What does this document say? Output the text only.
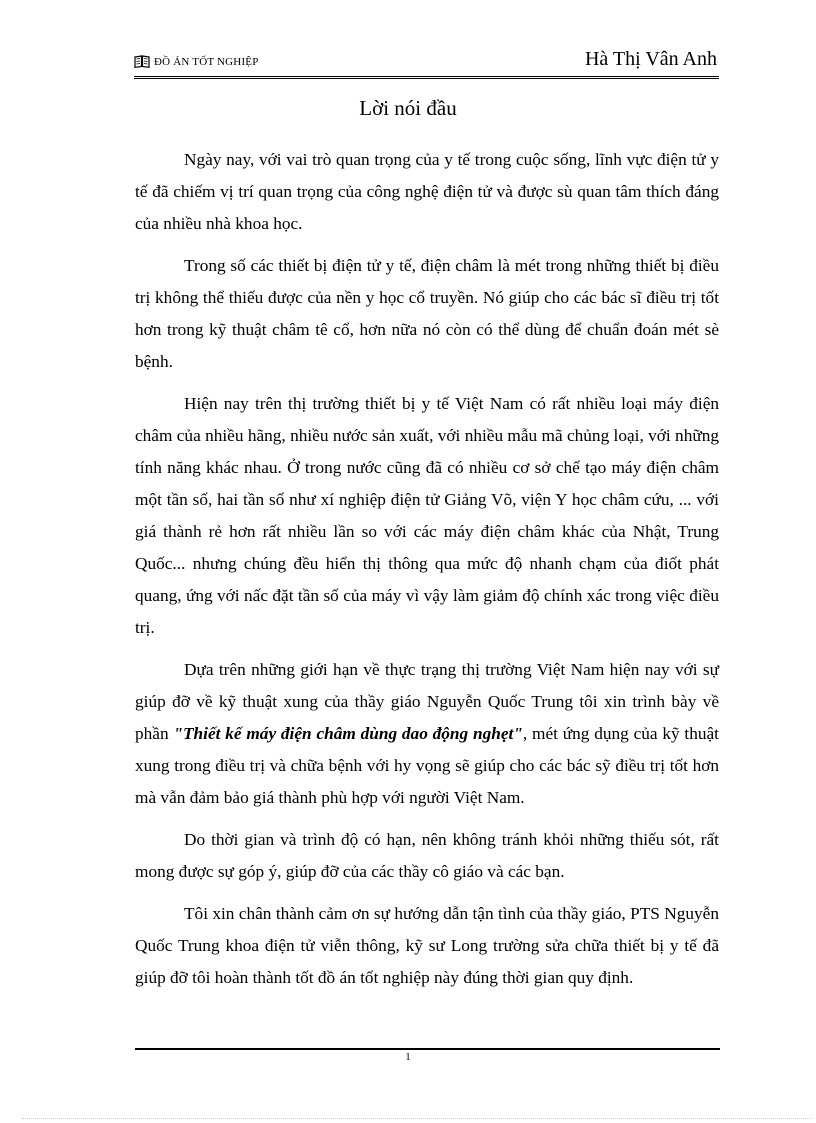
ĐỒ ÁN TỐT NGHIỆP	Hà Thị Vân Anh
Lời nói đầu

Ngày nay, với vai trò quan trọng của y tế trong cuộc sống, lĩnh vực điện tử y tế đã chiếm vị trí quan trọng của công nghệ điện tử và được sù quan tâm thích đáng của nhiều nhà khoa học.

Trong số các thiết bị điện tử y tế, điện châm là mét trong những thiết bị điều trị không thể thiếu được của nền y học cổ truyền. Nó giúp cho các bác sĩ điều trị tốt hơn trong kỹ thuật châm tê cổ, hơn nữa nó còn có thể dùng để chuẩn đoán mét sè bệnh.

Hiện nay trên thị trường thiết bị y tế Việt Nam có rất nhiều loại máy điện châm của nhiều hãng, nhiều nước sản xuất, với nhiều mẫu mã chủng loại, với những tính năng khác nhau. Ở trong nước cũng đã có nhiều cơ sở chế tạo máy điện châm một tần số, hai tần số như xí nghiệp điện tử Giảng Võ, viện Y học châm cứu, ... với giá thành rẻ hơn rất nhiều lần so với các máy điện châm khác của Nhật, Trung Quốc... nhưng chúng đều hiển thị thông qua mức độ nhanh chạm của điốt phát quang, ứng với nấc đặt tần số của máy vì vậy làm giảm độ chính xác trong việc điều trị.

Dựa trên những giới hạn về thực trạng thị trường Việt Nam hiện nay với sự giúp đỡ về kỹ thuật xung của thầy giáo Nguyễn Quốc Trung tôi xin trình bày về phần "Thiết kế máy điện châm dùng dao động nghẹt", mét ứng dụng của kỹ thuật xung trong điều trị và chữa bệnh với hy vọng sẽ giúp cho các bác sỹ điều trị tốt hơn mà vẫn đảm bảo giá thành phù hợp với người Việt Nam.

Do thời gian và trình độ có hạn, nên không tránh khỏi những thiếu sót, rất mong được sự góp ý, giúp đỡ của các thầy cô giáo và các bạn.

Tôi xin chân thành cảm ơn sự hướng dẫn tận tình của thầy giáo, PTS Nguyễn Quốc Trung khoa điện tử viễn thông, kỹ sư Long trường sửa chữa thiết bị y tế đã giúp đỡ tôi hoàn thành tốt đồ án tốt nghiệp này đúng thời gian quy định.

1
